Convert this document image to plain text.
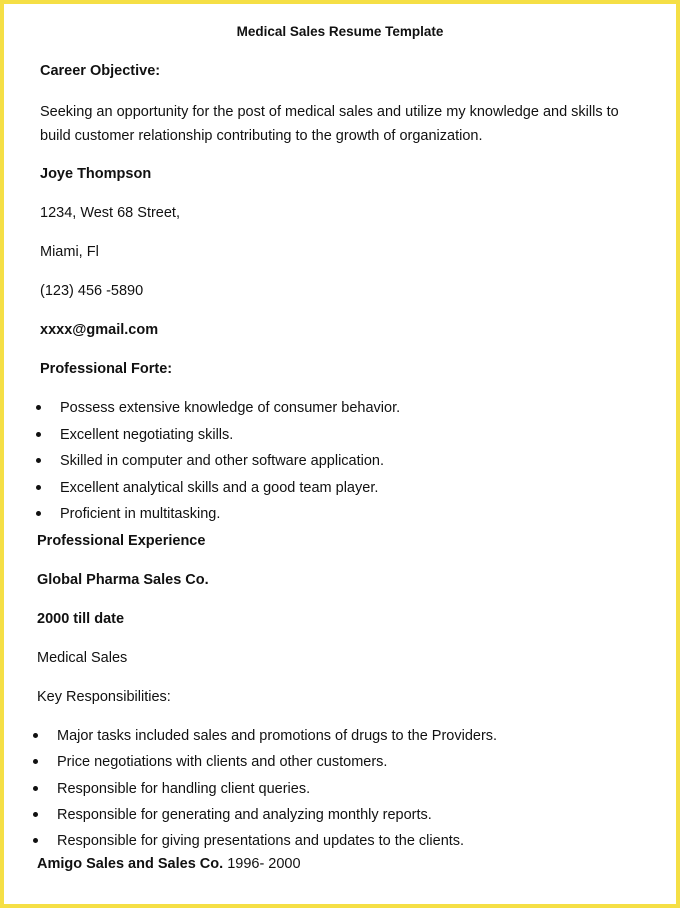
Medical Sales Resume Template
Career Objective:
Seeking an opportunity for the post of medical sales and utilize my knowledge and skills to build customer relationship contributing to the growth of organization.
Joye Thompson
1234, West 68 Street,
Miami, Fl
(123) 456 -5890
xxxx@gmail.com
Professional Forte:
Possess extensive knowledge of consumer behavior.
Excellent negotiating skills.
Skilled in computer and other software application.
Excellent analytical skills and a good team player.
Proficient in multitasking.
Professional Experience
Global Pharma Sales Co.
2000 till date
Medical Sales
Key Responsibilities:
Major tasks included sales and promotions of drugs to the Providers.
Price negotiations with clients and other customers.
Responsible for handling client queries.
Responsible for generating and analyzing monthly reports.
Responsible for giving presentations and updates to the clients.
Amigo Sales and Sales Co. 1996- 2000
